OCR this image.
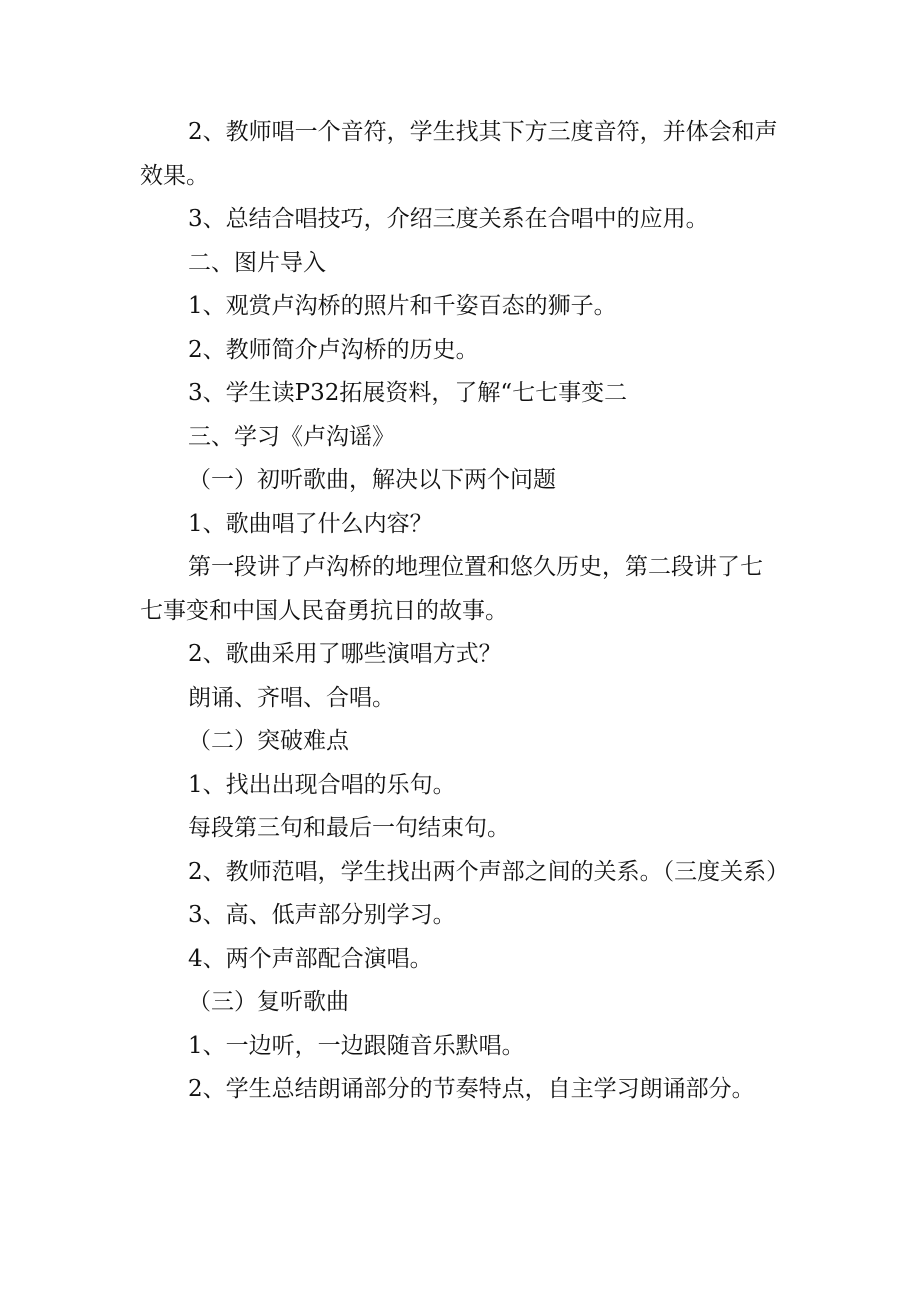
2、教师唱一个音符，学生找其下方三度音符，并体会和声效果。

3、总结合唱技巧，介绍三度关系在合唱中的应用。

二、图片导入

1、观赏卢沟桥的照片和千姿百态的狮子。

2、教师简介卢沟桥的历史。

3、学生读P32拓展资料，了解“七七事变二

三、学习《卢沟谣》

（一）初听歌曲，解决以下两个问题

1、歌曲唱了什么内容？

第一段讲了卢沟桥的地理位置和悠久历史，第二段讲了七七事变和中国人民奋勇抗日的故事。

2、歌曲采用了哪些演唱方式？

朗诵、齐唱、合唱。

（二）突破难点

1、找出出现合唱的乐句。

每段第三句和最后一句结束句。

2、教师范唱，学生找出两个声部之间的关系。（三度关系）

3、高、低声部分别学习。

4、两个声部配合演唱。

（三）复听歌曲

1、一边听，一边跟随音乐默唱。

2、学生总结朗诵部分的节奏特点，自主学习朗诵部分。
